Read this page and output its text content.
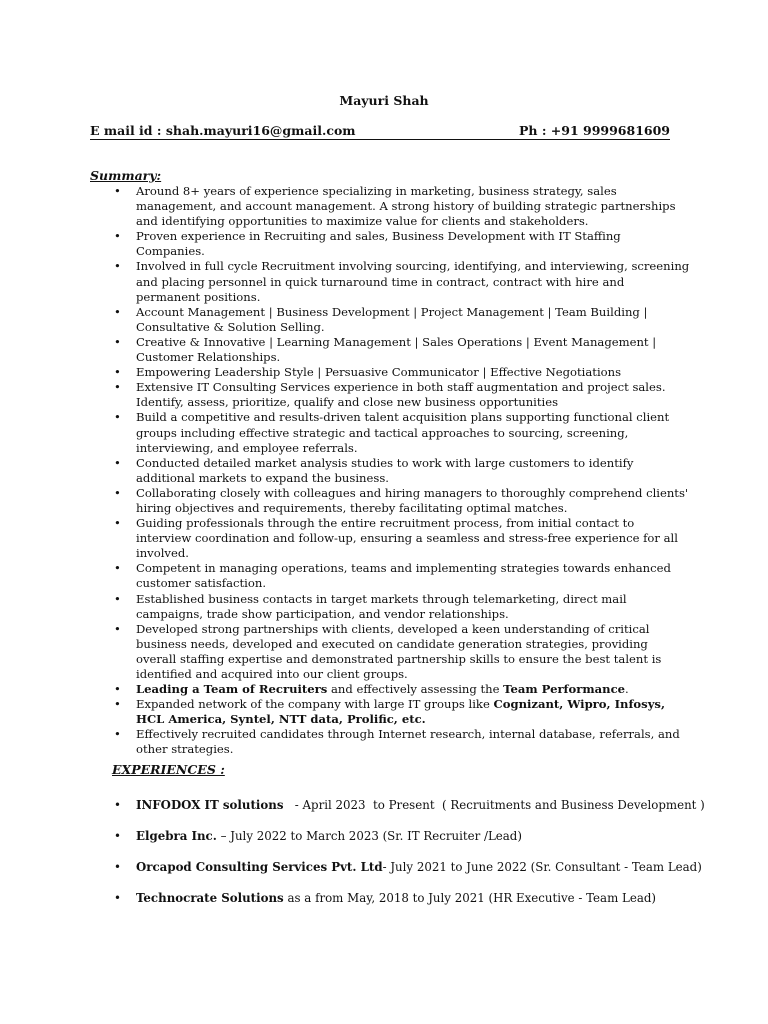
Mayuri Shah
E mail id : shah.mayuri16@gmail.com	Ph : +91 9999681609
Summary:
• Around 8+ years of experience specializing in marketing, business strategy, sales management, and account management. A strong history of building strategic partnerships and identifying opportunities to maximize value for clients and stakeholders.
• Proven experience in Recruiting and sales, Business Development with IT Staffing Companies.
• Involved in full cycle Recruitment involving sourcing, identifying, and interviewing, screening and placing personnel in quick turnaround time in contract, contract with hire and permanent positions.
• Account Management | Business Development | Project Management | Team Building | Consultative & Solution Selling.
• Creative & Innovative | Learning Management | Sales Operations | Event Management | Customer Relationships.
• Empowering Leadership Style | Persuasive Communicator | Effective Negotiations
• Extensive IT Consulting Services experience in both staff augmentation and project sales. Identify, assess, prioritize, qualify and close new business opportunities
• Build a competitive and results-driven talent acquisition plans supporting functional client groups including effective strategic and tactical approaches to sourcing, screening, interviewing, and employee referrals.
• Conducted detailed market analysis studies to work with large customers to identify additional markets to expand the business.
• Collaborating closely with colleagues and hiring managers to thoroughly comprehend clients' hiring objectives and requirements, thereby facilitating optimal matches.
• Guiding professionals through the entire recruitment process, from initial contact to interview coordination and follow-up, ensuring a seamless and stress-free experience for all involved.
• Competent in managing operations, teams and implementing strategies towards enhanced customer satisfaction.
• Established business contacts in target markets through telemarketing, direct mail campaigns, trade show participation, and vendor relationships.
• Developed strong partnerships with clients, developed a keen understanding of critical business needs, developed and executed on candidate generation strategies, providing overall staffing expertise and demonstrated partnership skills to ensure the best talent is identified and acquired into our client groups.
• Leading a Team of Recruiters and effectively assessing the Team Performance.
• Expanded network of the company with large IT groups like Cognizant, Wipro, Infosys, HCL America, Syntel, NTT data, Prolific, etc.
• Effectively recruited candidates through Internet research, internal database, referrals, and other strategies.
EXPERIENCES :
• INFODOX IT solutions   - April 2023  to Present  ( Recruitments and Business Development )
• Elgebra Inc. – July 2022 to March 2023 (Sr. IT Recruiter /Lead)
• Orcapod Consulting Services Pvt. Ltd- July 2021 to June 2022 (Sr. Consultant - Team Lead)
• Technocrate Solutions as a from May, 2018 to July 2021 (HR Executive - Team Lead)
